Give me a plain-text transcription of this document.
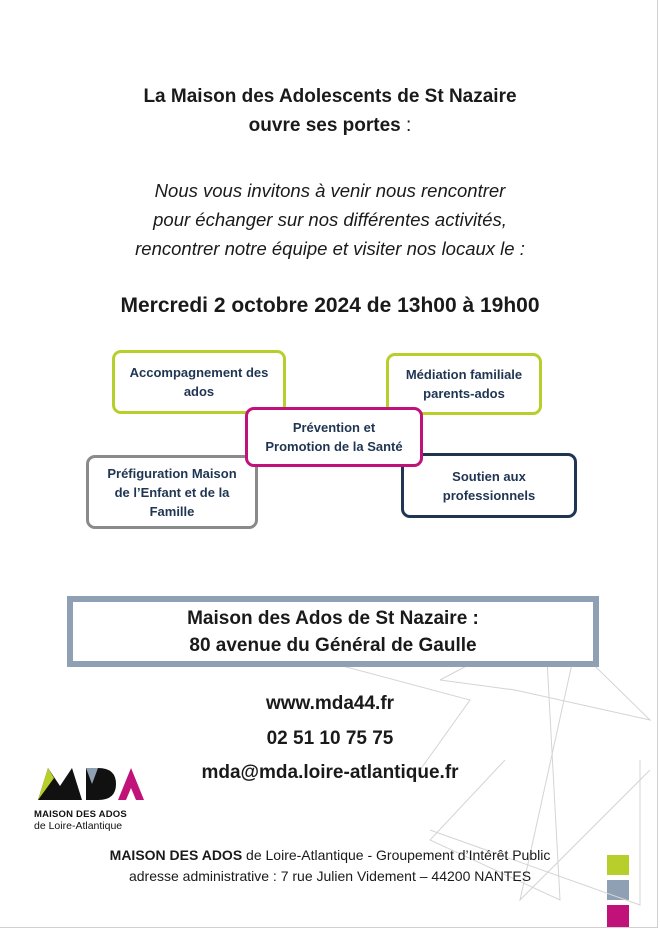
La Maison des Adolescents de St Nazaire
ouvre ses portes :
Nous vous invitons à venir nous rencontrer
pour échanger sur nos différentes activités,
rencontrer notre équipe et visiter nos locaux le :
Mercredi 2 octobre 2024 de 13h00 à 19h00
Accompagnement des
ados
Médiation familiale
parents-ados
Préfiguration Maison
de l’Enfant et de la
Famille
Soutien aux
professionnels
Prévention et
Promotion de la Santé
Maison des Ados de St Nazaire :
80 avenue du Général de Gaulle
www.mda44.fr
02 51 10 75 75
mda@mda.loire-atlantique.fr
MAISON DES ADOS
de Loire-Atlantique
MAISON DES ADOS de Loire-Atlantique - Groupement d’Intérêt Public
adresse administrative : 7 rue Julien Videment – 44200 NANTES
